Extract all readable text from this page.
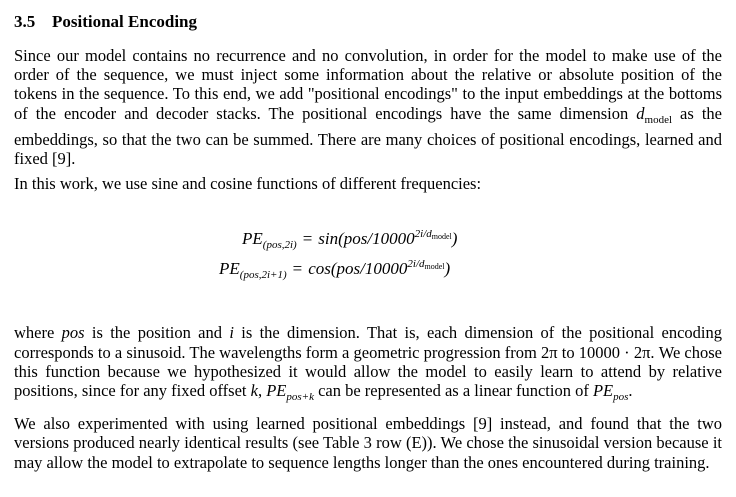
3.5 Positional Encoding

Since our model contains no recurrence and no convolution, in order for the model to make use of the order of the sequence, we must inject some information about the relative or absolute position of the tokens in the sequence. To this end, we add "positional encodings" to the input embeddings at the bottoms of the encoder and decoder stacks. The positional encodings have the same dimension $d_{model}$ as the embeddings, so that the two can be summed. There are many choices of positional encodings, learned and fixed [9].

In this work, we use sine and cosine functions of different frequencies:

$PE_{(pos,2i)} = \sin(pos/10000^{2i/d_{model}})$
$PE_{(pos,2i+1)} = \cos(pos/10000^{2i/d_{model}})$

where pos is the position and i is the dimension. That is, each dimension of the positional encoding corresponds to a sinusoid. The wavelengths form a geometric progression from 2π to 10000 · 2π. We chose this function because we hypothesized it would allow the model to easily learn to attend by relative positions, since for any fixed offset k, $PE_{pos+k}$ can be represented as a linear function of $PE_{pos}$.

We also experimented with using learned positional embeddings [9] instead, and found that the two versions produced nearly identical results (see Table 3 row (E)). We chose the sinusoidal version because it may allow the model to extrapolate to sequence lengths longer than the ones encountered during training.
